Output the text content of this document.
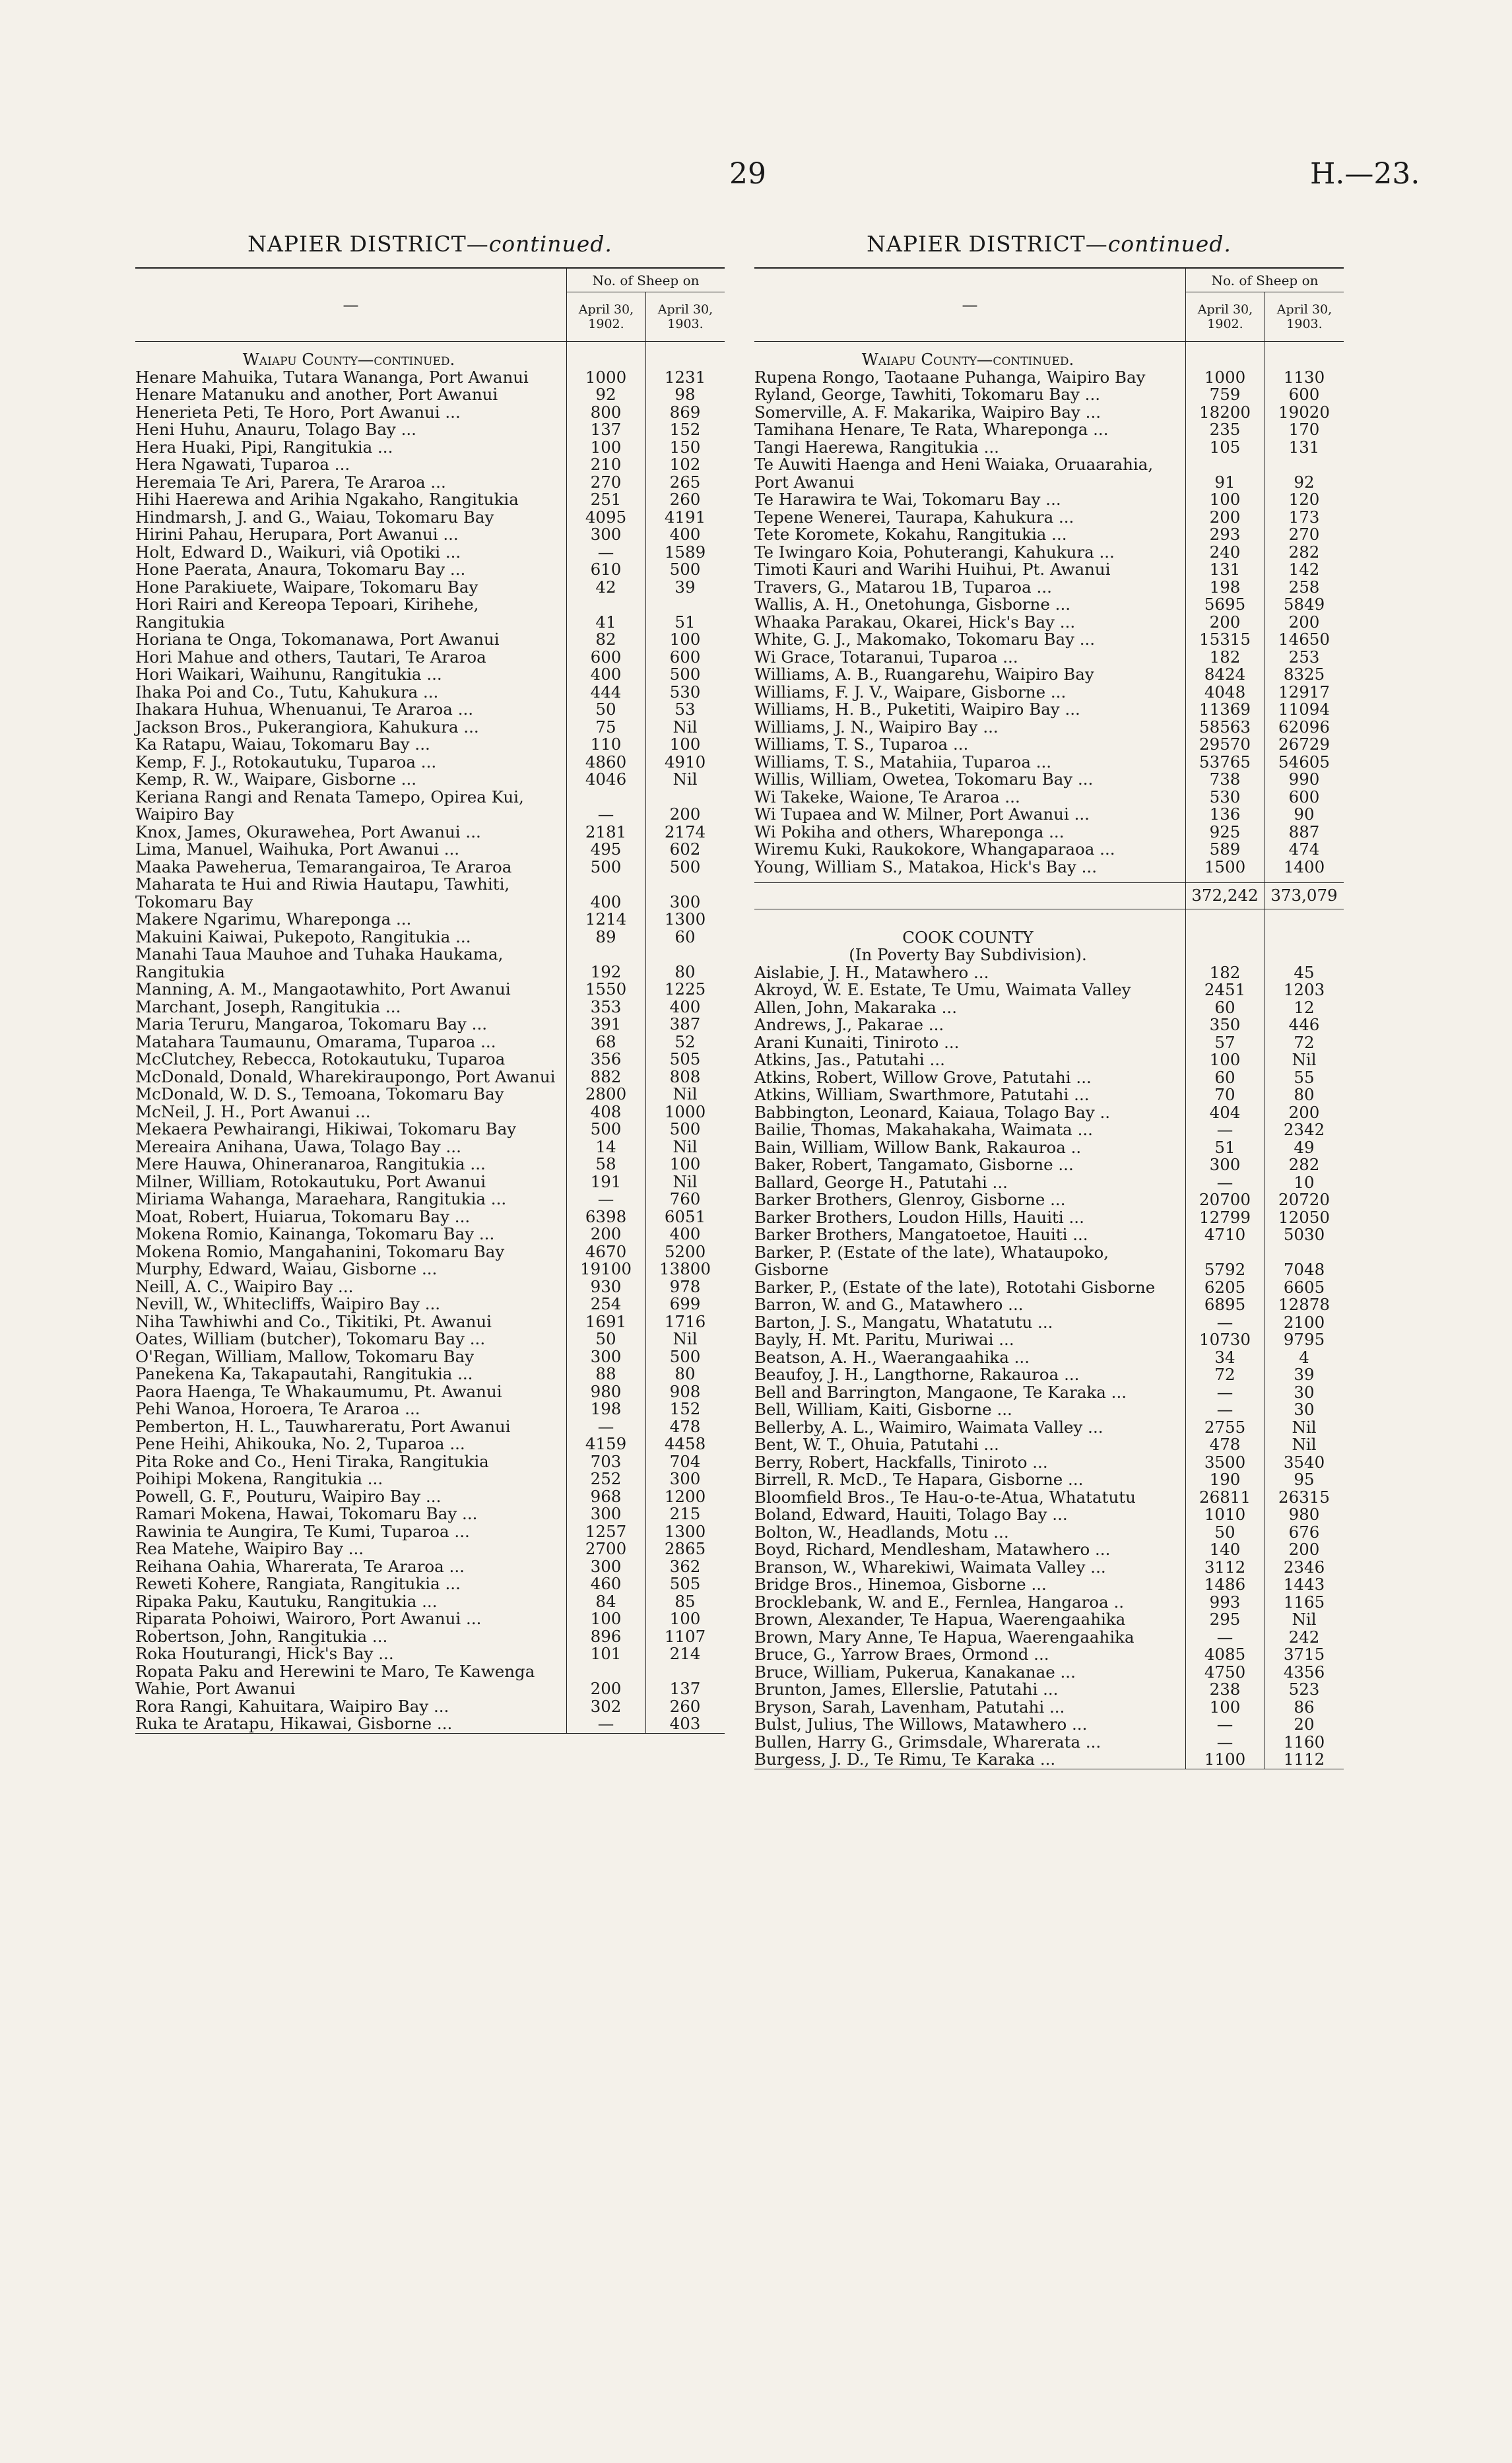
29	H.—23.
NAPIER DISTRICT—continued.
—
No. of Sheep on
April 30, 1902.
April 30, 1903.
Waiapu County—continued.
Henare Mahuika, Tutara Wananga, Port Awanui	1000	1231
Henare Matanuku and another, Port Awanui	92	98
Henerieta Peti, Te Horo, Port Awanui ...	800	869
Heni Huhu, Anauru, Tolago Bay ...	137	152
Hera Huaki, Pipi, Rangitukia ...	100	150
Hera Ngawati, Tuparoa ...	210	102
Heremaia Te Ari, Parera, Te Araroa ...	270	265
Hihi Haerewa and Arihia Ngakaho, Rangitukia	251	260
Hindmarsh, J. and G., Waiau, Tokomaru Bay	4095	4191
Hirini Pahau, Herupara, Port Awanui ...	300	400
Holt, Edward D., Waikuri, viâ Opotiki ...	—	1589
Hone Paerata, Anaura, Tokomaru Bay ...	610	500
Hone Parakiuete, Waipare, Tokomaru Bay	42	39
Hori Rairi and Kereopa Tepoari, Kirihehe, Rangitukia	41	51
Horiana te Onga, Tokomanawa, Port Awanui	82	100
Hori Mahue and others, Tautari, Te Araroa	600	600
Hori Waikari, Waihunu, Rangitukia ...	400	500
Ihaka Poi and Co., Tutu, Kahukura ...	444	530
Ihakara Huhua, Whenuanui, Te Araroa ...	50	53
Jackson Bros., Pukerangiora, Kahukura ...	75	Nil
Ka Ratapu, Waiau, Tokomaru Bay ...	110	100
Kemp, F. J., Rotokautuku, Tuparoa ...	4860	4910
Kemp, R. W., Waipare, Gisborne ...	4046	Nil
Keriana Rangi and Renata Tamepo, Opirea Kui, Waipiro Bay	—	200
Knox, James, Okurawehea, Port Awanui ...	2181	2174
Lima, Manuel, Waihuka, Port Awanui ...	495	602
Maaka Paweherua, Temarangairoa, Te Araroa	500	500
Maharata te Hui and Riwia Hautapu, Tawhiti, Tokomaru Bay	400	300
Makere Ngarimu, Whareponga ...	1214	1300
Makuini Kaiwai, Pukepoto, Rangitukia ...	89	60
Manahi Taua Mauhoe and Tuhaka Haukama, Rangitukia	192	80
Manning, A. M., Mangaotawhito, Port Awanui	1550	1225
Marchant, Joseph, Rangitukia ...	353	400
Maria Teruru, Mangaroa, Tokomaru Bay ...	391	387
Matahara Taumaunu, Omarama, Tuparoa ...	68	52
McClutchey, Rebecca, Rotokautuku, Tuparoa	356	505
McDonald, Donald, Wharekiraupongo, Port Awanui	882	808
McDonald, W. D. S., Temoana, Tokomaru Bay	2800	Nil
McNeil, J. H., Port Awanui ...	408	1000
Mekaera Pewhairangi, Hikiwai, Tokomaru Bay	500	500
Mereaira Anihana, Uawa, Tolago Bay ...	14	Nil
Mere Hauwa, Ohineranaroa, Rangitukia ...	58	100
Milner, William, Rotokautuku, Port Awanui	191	Nil
Miriama Wahanga, Maraehara, Rangitukia ...	—	760
Moat, Robert, Huiarua, Tokomaru Bay ...	6398	6051
Mokena Romio, Kainanga, Tokomaru Bay ...	200	400
Mokena Romio, Mangahanini, Tokomaru Bay	4670	5200
Murphy, Edward, Waiau, Gisborne ...	19100	13800
Neill, A. C., Waipiro Bay ...	930	978
Nevill, W., Whitecliffs, Waipiro Bay ...	254	699
Niha Tawhiwhi and Co., Tikitiki, Pt. Awanui	1691	1716
Oates, William (butcher), Tokomaru Bay ...	50	Nil
O'Regan, William, Mallow, Tokomaru Bay	300	500
Panekena Ka, Takapautahi, Rangitukia ...	88	80
Paora Haenga, Te Whakaumumu, Pt. Awanui	980	908
Pehi Wanoa, Horoera, Te Araroa ...	198	152
Pemberton, H. L., Tauwhareratu, Port Awanui	—	478
Pene Heihi, Ahikouka, No. 2, Tuparoa ...	4159	4458
Pita Roke and Co., Heni Tiraka, Rangitukia	703	704
Poihipi Mokena, Rangitukia ...	252	300
Powell, G. F., Pouturu, Waipiro Bay ...	968	1200
Ramari Mokena, Hawai, Tokomaru Bay ...	300	215
Rawinia te Aungira, Te Kumi, Tuparoa ...	1257	1300
Rea Matehe, Waipiro Bay ...	2700	2865
Reihana Oahia, Wharerata, Te Araroa ...	300	362
Reweti Kohere, Rangiata, Rangitukia ...	460	505
Ripaka Paku, Kautuku, Rangitukia ...	84	85
Riparata Pohoiwi, Wairoro, Port Awanui ...	100	100
Robertson, John, Rangitukia ...	896	1107
Roka Houturangi, Hick's Bay ...	101	214
Ropata Paku and Herewini te Maro, Te Kawenga Wahie, Port Awanui	200	137
Rora Rangi, Kahuitara, Waipiro Bay ...	302	260
Ruka te Aratapu, Hikawai, Gisborne ...	—	403
NAPIER DISTRICT—continued.
—
No. of Sheep on
April 30, 1902.
April 30, 1903.
Waiapu County—continued.
Rupena Rongo, Taotaane Puhanga, Waipiro Bay	1000	1130
Ryland, George, Tawhiti, Tokomaru Bay ...	759	600
Somerville, A. F. Makarika, Waipiro Bay ...	18200	19020
Tamihana Henare, Te Rata, Whareponga ...	235	170
Tangi Haerewa, Rangitukia ...	105	131
Te Auwiti Haenga and Heni Waiaka, Oruaarahia, Port Awanui	91	92
Te Harawira te Wai, Tokomaru Bay ...	100	120
Tepene Wenerei, Taurapa, Kahukura ...	200	173
Tete Koromete, Kokahu, Rangitukia ...	293	270
Te Iwingaro Koia, Pohuterangi, Kahukura ...	240	282
Timoti Kauri and Warihi Huihui, Pt. Awanui	131	142
Travers, G., Matarou 1B, Tuparoa ...	198	258
Wallis, A. H., Onetohunga, Gisborne ...	5695	5849
Whaaka Parakau, Okarei, Hick's Bay ...	200	200
White, G. J., Makomako, Tokomaru Bay ...	15315	14650
Wi Grace, Totaranui, Tuparoa ...	182	253
Williams, A. B., Ruangarehu, Waipiro Bay	8424	8325
Williams, F. J. V., Waipare, Gisborne ...	4048	12917
Williams, H. B., Puketiti, Waipiro Bay ...	11369	11094
Williams, J. N., Waipiro Bay ...	58563	62096
Williams, T. S., Tuparoa ...	29570	26729
Williams, T. S., Matahiia, Tuparoa ...	53765	54605
Willis, William, Owetea, Tokomaru Bay ...	738	990
Wi Takeke, Waione, Te Araroa ...	530	600
Wi Tupaea and W. Milner, Port Awanui ...	136	90
Wi Pokiha and others, Whareponga ...	925	887
Wiremu Kuki, Raukokore, Whangaparaoa ...	589	474
Young, William S., Matakoa, Hick's Bay ...	1500	1400
372,242 373,079
COOK COUNTY
(In Poverty Bay Subdivision).
Aislabie, J. H., Matawhero ...	182	45
Akroyd, W. E. Estate, Te Umu, Waimata Valley	2451	1203
Allen, John, Makaraka ...	60	12
Andrews, J., Pakarae ...	350	446
Arani Kunaiti, Tiniroto ...	57	72
Atkins, Jas., Patutahi ...	100	Nil
Atkins, Robert, Willow Grove, Patutahi ...	60	55
Atkins, William, Swarthmore, Patutahi ...	70	80
Babbington, Leonard, Kaiaua, Tolago Bay ..	404	200
Bailie, Thomas, Makahakaha, Waimata ...	—	2342
Bain, William, Willow Bank, Rakauroa ..	51	49
Baker, Robert, Tangamato, Gisborne ...	300	282
Ballard, George H., Patutahi ...	—	10
Barker Brothers, Glenroy, Gisborne ...	20700	20720
Barker Brothers, Loudon Hills, Hauiti ...	12799	12050
Barker Brothers, Mangatoetoe, Hauiti ...	4710	5030
Barker, P. (Estate of the late), Whataupoko, Gisborne	5792	7048
Barker, P., (Estate of the late), Rototahi Gisborne	6205	6605
Barron, W. and G., Matawhero ...	6895	12878
Barton, J. S., Mangatu, Whatatutu ...	—	2100
Bayly, H. Mt. Paritu, Muriwai ...	10730	9795
Beatson, A. H., Waerangaahika ...	34	4
Beaufoy, J. H., Langthorne, Rakauroa ...	72	39
Bell and Barrington, Mangaone, Te Karaka ...	—	30
Bell, William, Kaiti, Gisborne ...	—	30
Bellerby, A. L., Waimiro, Waimata Valley ...	2755	Nil
Bent, W. T., Ohuia, Patutahi ...	478	Nil
Berry, Robert, Hackfalls, Tiniroto ...	3500	3540
Birrell, R. McD., Te Hapara, Gisborne ...	190	95
Bloomfield Bros., Te Hau-o-te-Atua, Whatatutu	26811	26315
Boland, Edward, Hauiti, Tolago Bay ...	1010	980
Bolton, W., Headlands, Motu ...	50	676
Boyd, Richard, Mendlesham, Matawhero ...	140	200
Branson, W., Wharekiwi, Waimata Valley ...	3112	2346
Bridge Bros., Hinemoa, Gisborne ...	1486	1443
Brocklebank, W. and E., Fernlea, Hangaroa ..	993	1165
Brown, Alexander, Te Hapua, Waerengaahika	295	Nil
Brown, Mary Anne, Te Hapua, Waerengaahika	—	242
Bruce, G., Yarrow Braes, Ormond ...	4085	3715
Bruce, William, Pukerua, Kanakanae ...	4750	4356
Brunton, James, Ellerslie, Patutahi ...	238	523
Bryson, Sarah, Lavenham, Patutahi ...	100	86
Bulst, Julius, The Willows, Matawhero ...	—	20
Bullen, Harry G., Grimsdale, Wharerata ...	—	1160
Burgess, J. D., Te Rimu, Te Karaka ...	1100	1112
